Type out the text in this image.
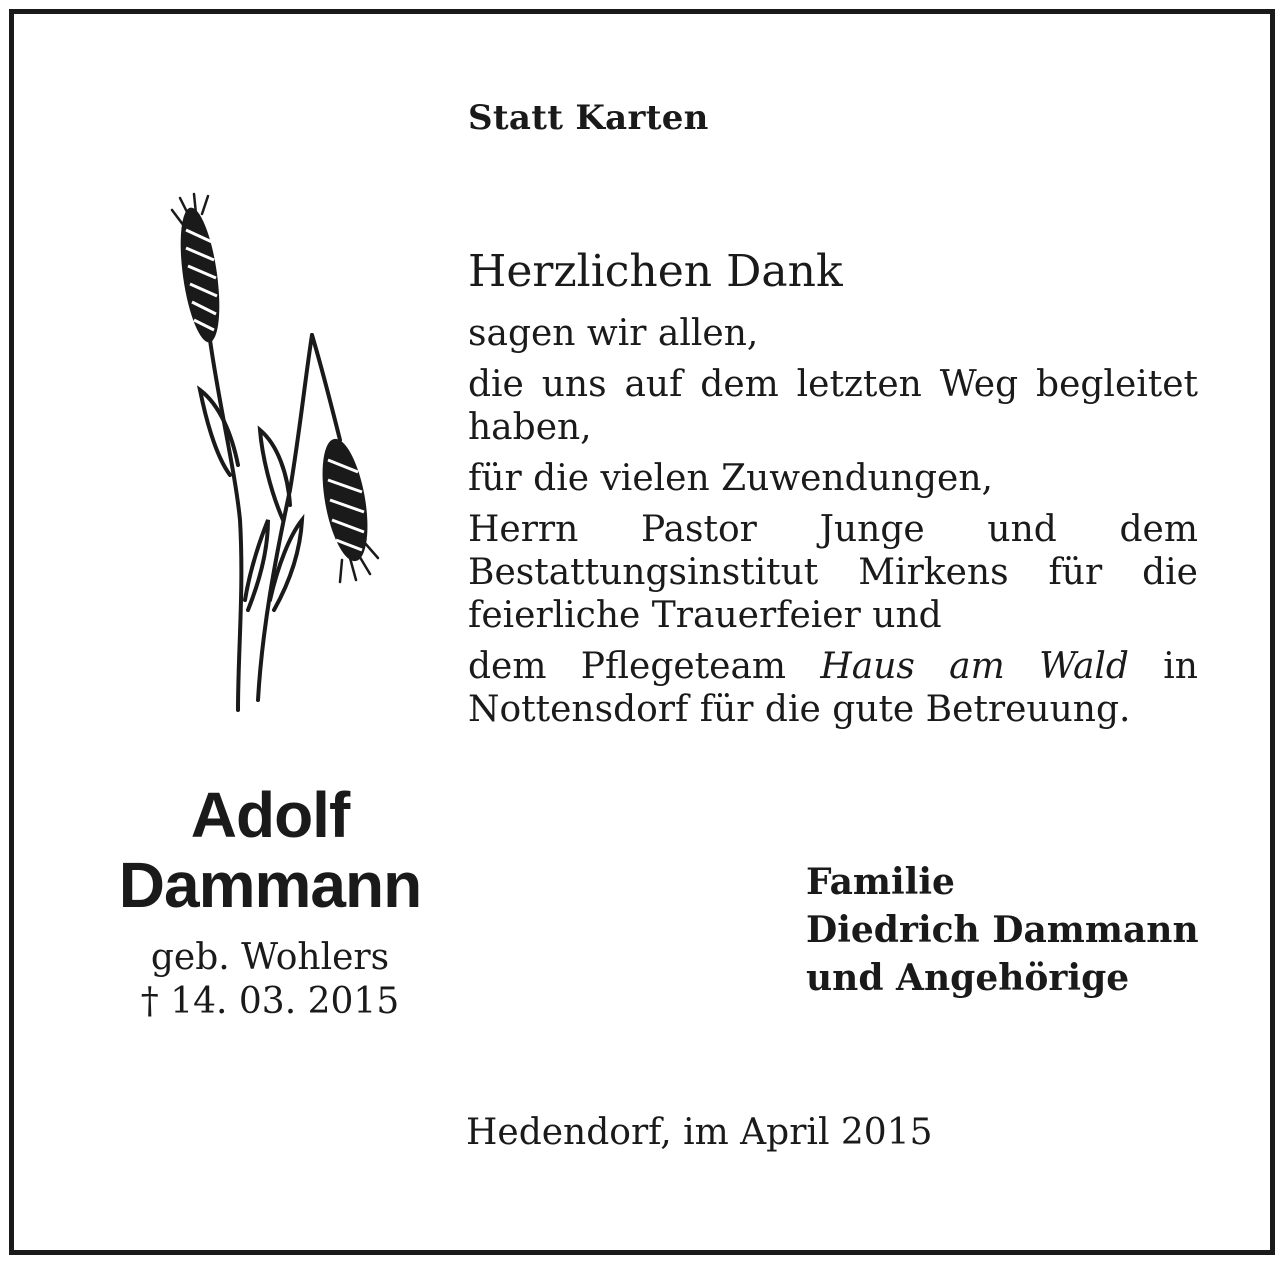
Statt Karten
Herzlichen Dank

sagen wir allen,

die uns auf dem letzten Weg begleitet haben,

für die vielen Zuwendungen,

Herrn Pastor Junge und dem Bestattungsinstitut Mirkens für die feierliche Trauerfeier und

dem Pflegeteam Haus am Wald in Nottensdorf für die gute Betreuung.

Adolf
Dammann
geb. Wohlers
† 14. 03. 2015
Familie
Diedrich Dammann
und Angehörige
Hedendorf, im April 2015
